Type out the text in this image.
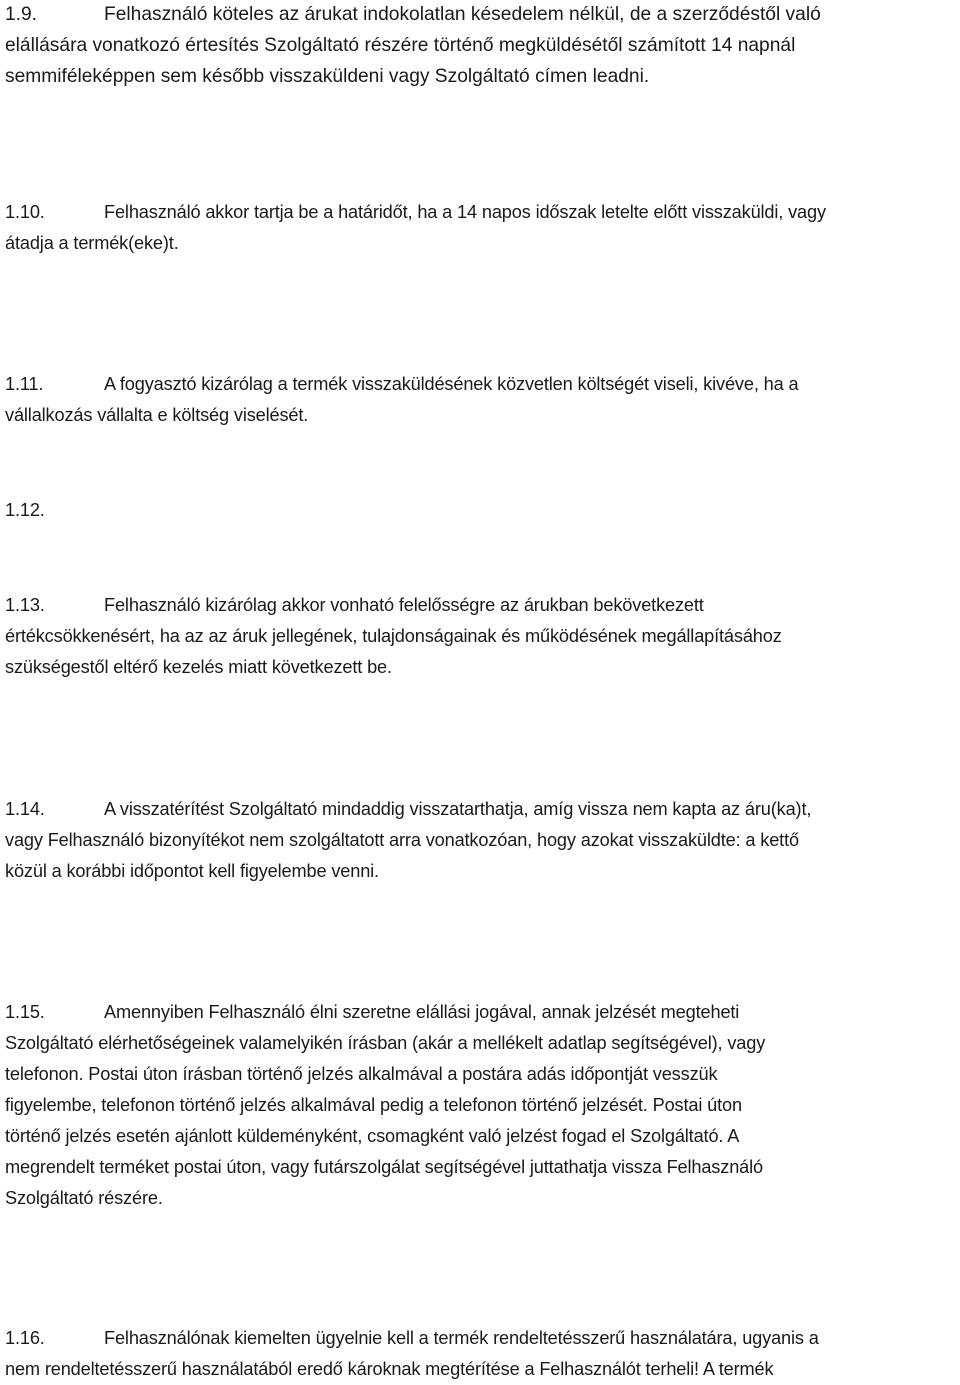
1.9.	Felhasználó köteles az árukat indokolatlan késedelem nélkül, de a szerződéstől való
elállására vonatkozó értesítés Szolgáltató részére történő megküldésétől számított 14 napnál
semmiféleképpen sem később visszaküldeni vagy Szolgáltató címen leadni.
1.10.	Felhasználó akkor tartja be a határidőt, ha a 14 napos időszak letelte előtt visszaküldi, vagy
átadja a termék(eke)t.
1.11.	A fogyasztó kizárólag a termék visszaküldésének közvetlen költségét viseli, kivéve, ha a
vállalkozás vállalta e költség viselését.
1.12.
1.13.	Felhasználó kizárólag akkor vonható felelősségre az árukban bekövetkezett
értékcsökkenésért, ha az az áruk jellegének, tulajdonságainak és működésének megállapításához
szükségestől eltérő kezelés miatt következett be.
1.14.	A visszatérítést Szolgáltató mindaddig visszatarthatja, amíg vissza nem kapta az áru(ka)t,
vagy Felhasználó bizonyítékot nem szolgáltatott arra vonatkozóan, hogy azokat visszaküldte: a kettő
közül a korábbi időpontot kell figyelembe venni.
1.15.	Amennyiben Felhasználó élni szeretne elállási jogával, annak jelzését megteheti
Szolgáltató elérhetőségeinek valamelyikén írásban (akár a mellékelt adatlap segítségével), vagy
telefonon. Postai úton írásban történő jelzés alkalmával a postára adás időpontját vesszük
figyelembe, telefonon történő jelzés alkalmával pedig a telefonon történő jelzését. Postai úton
történő jelzés esetén ajánlott küldeményként, csomagként való jelzést fogad el Szolgáltató. A
megrendelt terméket postai úton, vagy futárszolgálat segítségével juttathatja vissza Felhasználó
Szolgáltató részére.
1.16.	Felhasználónak kiemelten ügyelnie kell a termék rendeltetésszerű használatára, ugyanis a
nem rendeltetésszerű használatából eredő károknak megtérítése a Felhasználót terheli! A termék
